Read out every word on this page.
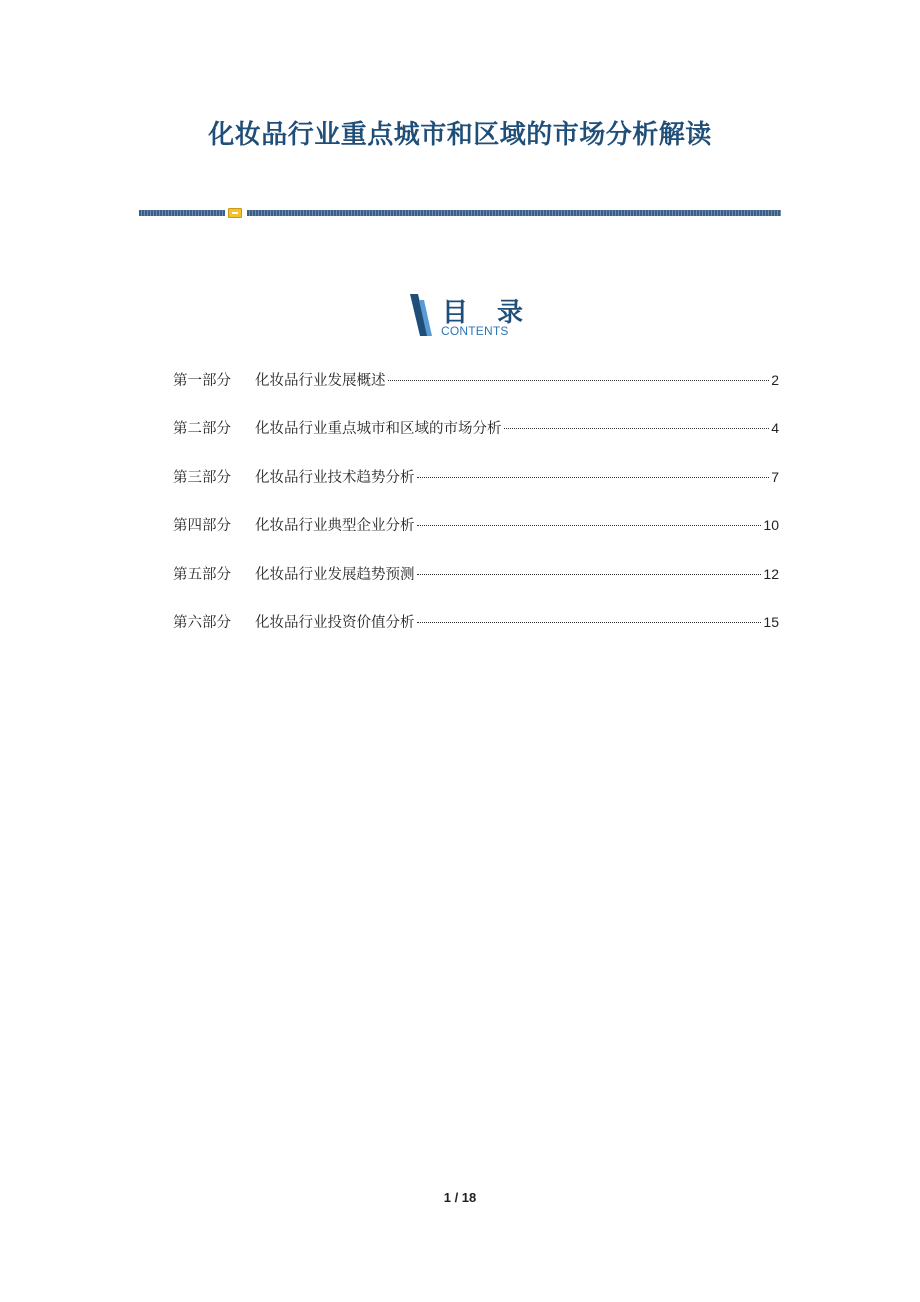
化妆品行业重点城市和区域的市场分析解读
目 录
CONTENTS
第一部分	化妆品行业发展概述	2
第二部分	化妆品行业重点城市和区域的市场分析	4
第三部分	化妆品行业技术趋势分析	7
第四部分	化妆品行业典型企业分析	10
第五部分	化妆品行业发展趋势预测	12
第六部分	化妆品行业投资价值分析	15
1 / 18
